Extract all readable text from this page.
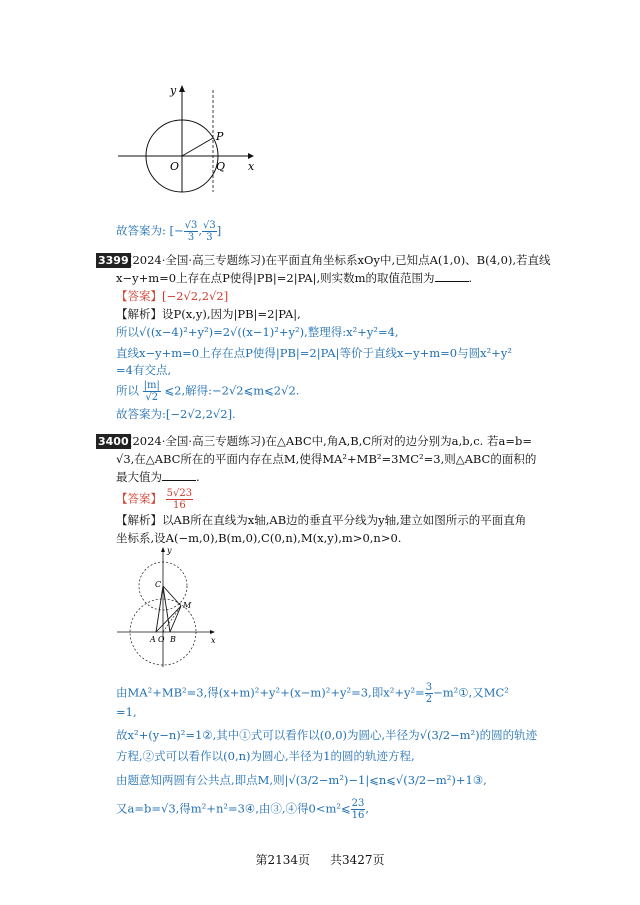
x
y
O
P
Q
故答案为: [− $\frac{√3}{3}$ , $\frac{√3}{3}$ ]
3399 (2024·全国·高三专题练习)在平面直角坐标系xOy中,已知点A(1,0)、B(4,0),若直线
x−y+m=0上存在点P使得|PB|=2|PA|,则实数m的取值范围为	.
【答案】[−2√2,2√2]
【解析】设P(x,y),因为|PB|=2|PA|,
所以√((x−4)²+y²)=2√((x−1)²+y²),整理得:x²+y²=4,
直线x−y+m=0上存在点P使得|PB|=2|PA|等价于直线x−y+m=0与圆x²+y²
=4有交点,
所以 $\frac{|m|}{√2}$ ⩽2,解得:−2√2⩽m⩽2√2.
故答案为:[−2√2,2√2].
3400 (2024·全国·高三专题练习)在△ABC中,角A,B,C所对的边分别为a,b,c. 若a=b=
√3,在△ABC所在的平面内存在点M,使得MA²+MB²=3MC²=3,则△ABC的面积的
最大值为	.
【答案】 $\frac{5√23}{16}$
【解析】以AB所在直线为x轴,AB边的垂直平分线为y轴,建立如图所示的平面直角
坐标系,设A(−m,0),B(m,0),C(0,n),M(x,y),m>0,n>0.
x
y
C
M
A O B
由MA²+MB²=3,得(x+m)²+y²+(x−m)²+y²=3,即$x^2+y^2= \frac{3}{2}$ −m²①,又MC²
=1,
故x²+(y−n)²=1②,其中①式可以看作以(0,0)为圆心,半径为√(3/2−m²)的圆的轨迹
方程,②式可以看作以(0,n)为圆心,半径为1的圆的轨迹方程,
由题意知两圆有公共点,即点M,则|√(3/2−m²)−1|⩽n⩽√(3/2−m²)+1③,
又a=b=√3,得m²+n²=3④,由③,④得0<m²⩽ $\frac{23}{16}$ ,
第2134页 共3427页
